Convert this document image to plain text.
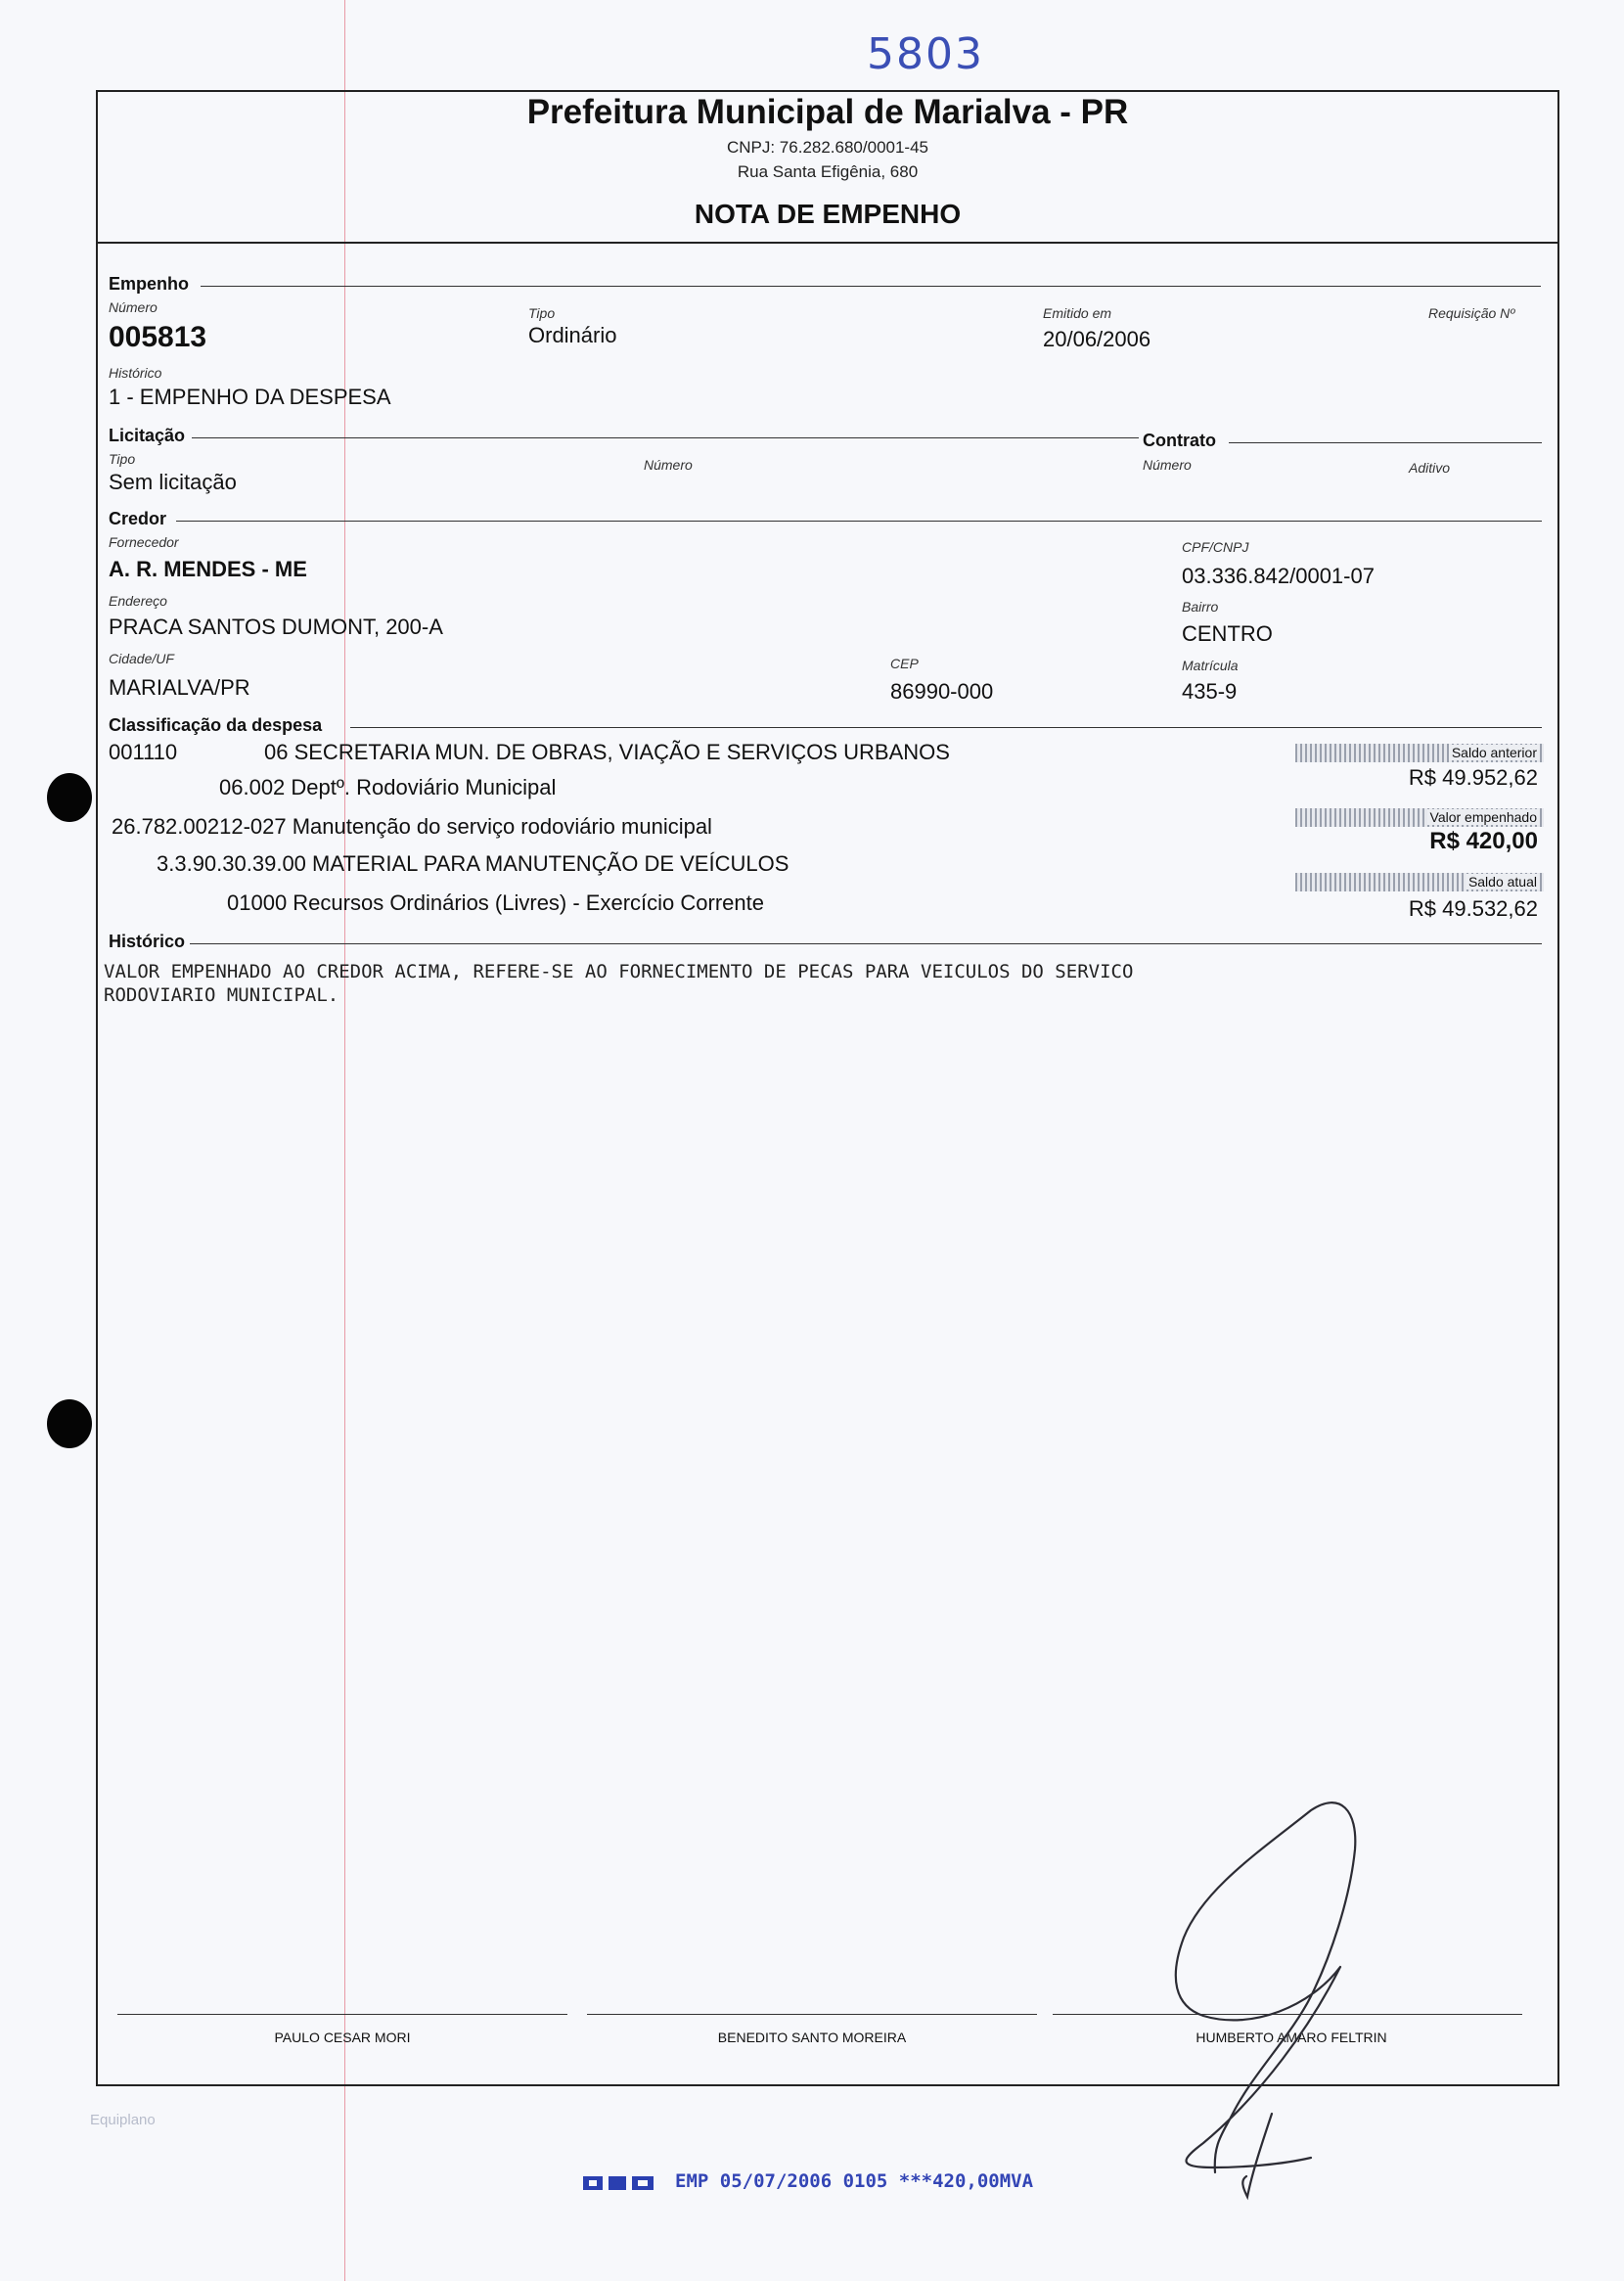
5803
Prefeitura Municipal de Marialva - PR
CNPJ: 76.282.680/0001-45
Rua Santa Efigênia, 680
NOTA DE EMPENHO
Empenho
Número
005813
Tipo
Ordinário
Emitido em
20/06/2006
Requisição Nº
Histórico
1 - EMPENHO DA DESPESA
Licitação	Contrato
Tipo
Sem licitação
Número	Número	Aditivo
Credor
Fornecedor
A. R. MENDES - ME
CPF/CNPJ
03.336.842/0001-07
Endereço
PRACA SANTOS DUMONT, 200-A
Bairro
CENTRO
Cidade/UF
MARIALVA/PR
CEP
86990-000
Matrícula
435-9
Classificação da despesa
001110	06 SECRETARIA MUN. DE OBRAS, VIAÇÃO E SERVIÇOS URBANOS
06.002 Deptº. Rodoviário Municipal
26.782.00212-027 Manutenção do serviço rodoviário municipal
3.3.90.30.39.00 MATERIAL PARA MANUTENÇÃO DE VEÍCULOS
01000 Recursos Ordinários (Livres) - Exercício Corrente
Saldo anterior
R$ 49.952,62
Valor empenhado
R$ 420,00
Saldo atual
R$ 49.532,62
Histórico
VALOR EMPENHADO AO CREDOR ACIMA, REFERE-SE AO FORNECIMENTO DE PECAS PARA VEICULOS DO SERVICO
RODOVIARIO MUNICIPAL.
PAULO CESAR MORI	BENEDITO SANTO MOREIRA	HUMBERTO AMARO FELTRIN
Equiplano
EMP 05/07/2006 0105 ***420,00MVA
